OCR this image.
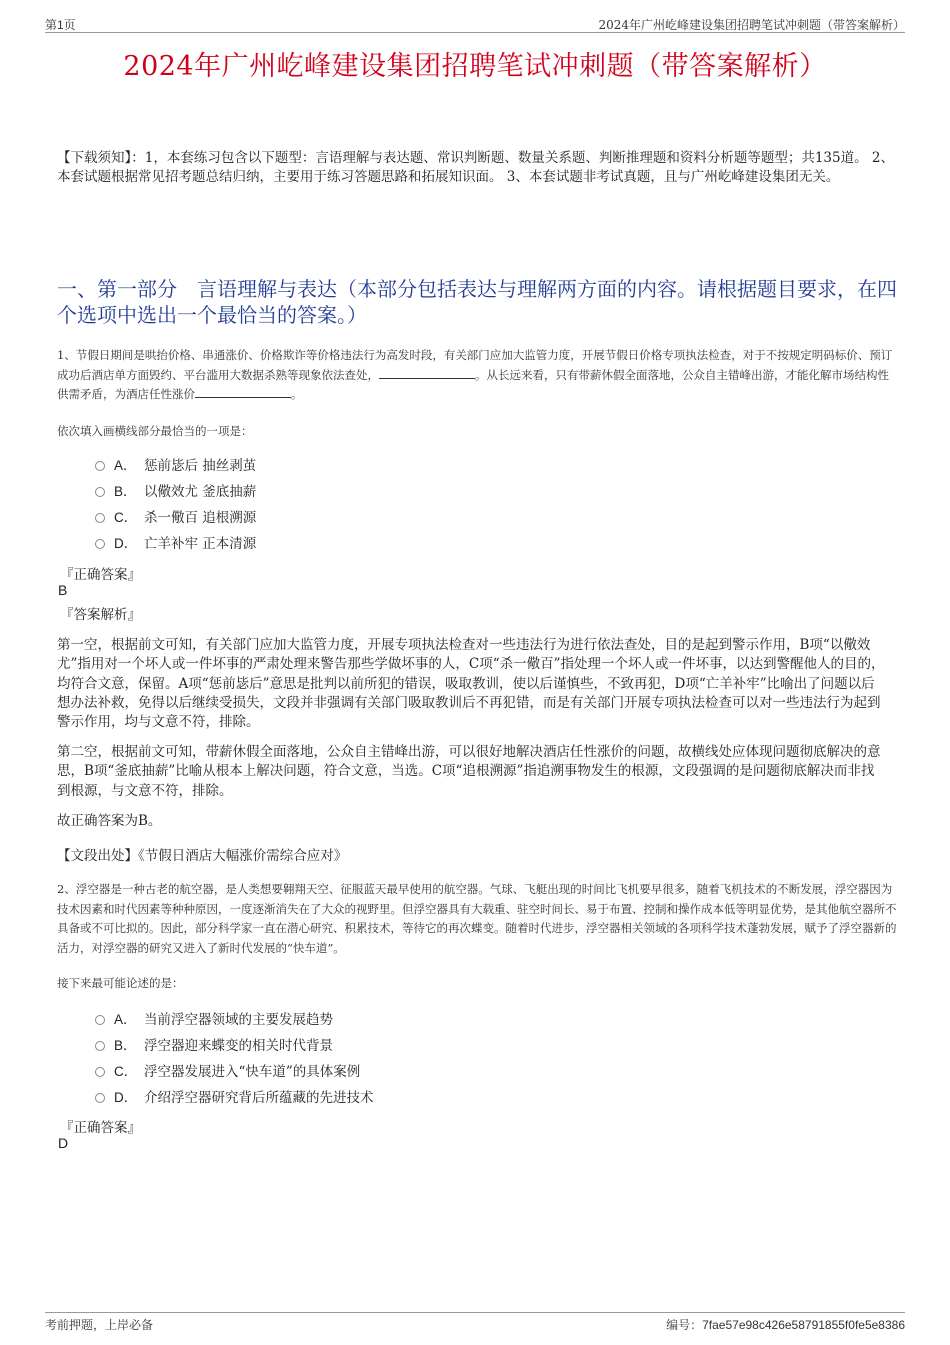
第1页	2024年广州屹峰建设集团招聘笔试冲刺题（带答案解析）
2024年广州屹峰建设集团招聘笔试冲刺题（带答案解析）
【下载须知】：1，本套练习包含以下题型：言语理解与表达题、常识判断题、数量关系题、判断推理题和资料分析题等题型；共135道。 2、本套试题根据常见招考题总结归纳，主要用于练习答题思路和拓展知识面。 3、本套试题非考试真题，且与广州屹峰建设集团无关。
一、第一部分　言语理解与表达（本部分包括表达与理解两方面的内容。请根据题目要求，在四个选项中选出一个最恰当的答案。）
1、节假日期间是哄抬价格、串通涨价、价格欺诈等价格违法行为高发时段，有关部门应加大监管力度，开展节假日价格专项执法检查，对于不按规定明码标价、预订成功后酒店单方面毁约、平台滥用大数据杀熟等现象依法查处，	。从长远来看，只有带薪休假全面落地，公众自主错峰出游，才能化解市场结构性供需矛盾，为酒店任性涨价	。
依次填入画横线部分最恰当的一项是：
A． 惩前毖后 抽丝剥茧
B． 以儆效尤 釜底抽薪
C． 杀一儆百 追根溯源
D． 亡羊补牢 正本清源
『正确答案』
B
『答案解析』
第一空，根据前文可知，有关部门应加大监管力度，开展专项执法检查对一些违法行为进行依法查处，目的是起到警示作用，B项“以儆效尤”指用对一个坏人或一件坏事的严肃处理来警告那些学做坏事的人，C项“杀一儆百”指处理一个坏人或一件坏事，以达到警醒他人的目的，均符合文意，保留。A项“惩前毖后”意思是批判以前所犯的错误，吸取教训，使以后谨慎些，不致再犯，D项“亡羊补牢”比喻出了问题以后想办法补救，免得以后继续受损失，文段并非强调有关部门吸取教训后不再犯错，而是有关部门开展专项执法检查可以对一些违法行为起到警示作用，均与文意不符，排除。
第二空，根据前文可知，带薪休假全面落地，公众自主错峰出游，可以很好地解决酒店任性涨价的问题，故横线处应体现问题彻底解决的意思，B项“釜底抽薪”比喻从根本上解决问题，符合文意，当选。C项“追根溯源”指追溯事物发生的根源，文段强调的是问题彻底解决而非找到根源，与文意不符，排除。
故正确答案为B。
【文段出处】《节假日酒店大幅涨价需综合应对》
2、浮空器是一种古老的航空器，是人类想要翱翔天空、征服蓝天最早使用的航空器。气球、飞艇出现的时间比飞机要早很多，随着飞机技术的不断发展，浮空器因为技术因素和时代因素等种种原因，一度逐渐消失在了大众的视野里。但浮空器具有大载重、驻空时间长、易于布置、控制和操作成本低等明显优势，是其他航空器所不具备或不可比拟的。因此，部分科学家一直在潜心研究、积累技术，等待它的再次蝶变。随着时代进步，浮空器相关领域的各项科学技术蓬勃发展，赋予了浮空器新的活力，对浮空器的研究又进入了新时代发展的“快车道”。
接下来最可能论述的是：
A． 当前浮空器领域的主要发展趋势
B． 浮空器迎来蝶变的相关时代背景
C． 浮空器发展进入“快车道”的具体案例
D． 介绍浮空器研究背后所蕴藏的先进技术
『正确答案』
D
考前押题，上岸必备	编号：7fae57e98c426e58791855f0fe5e8386
